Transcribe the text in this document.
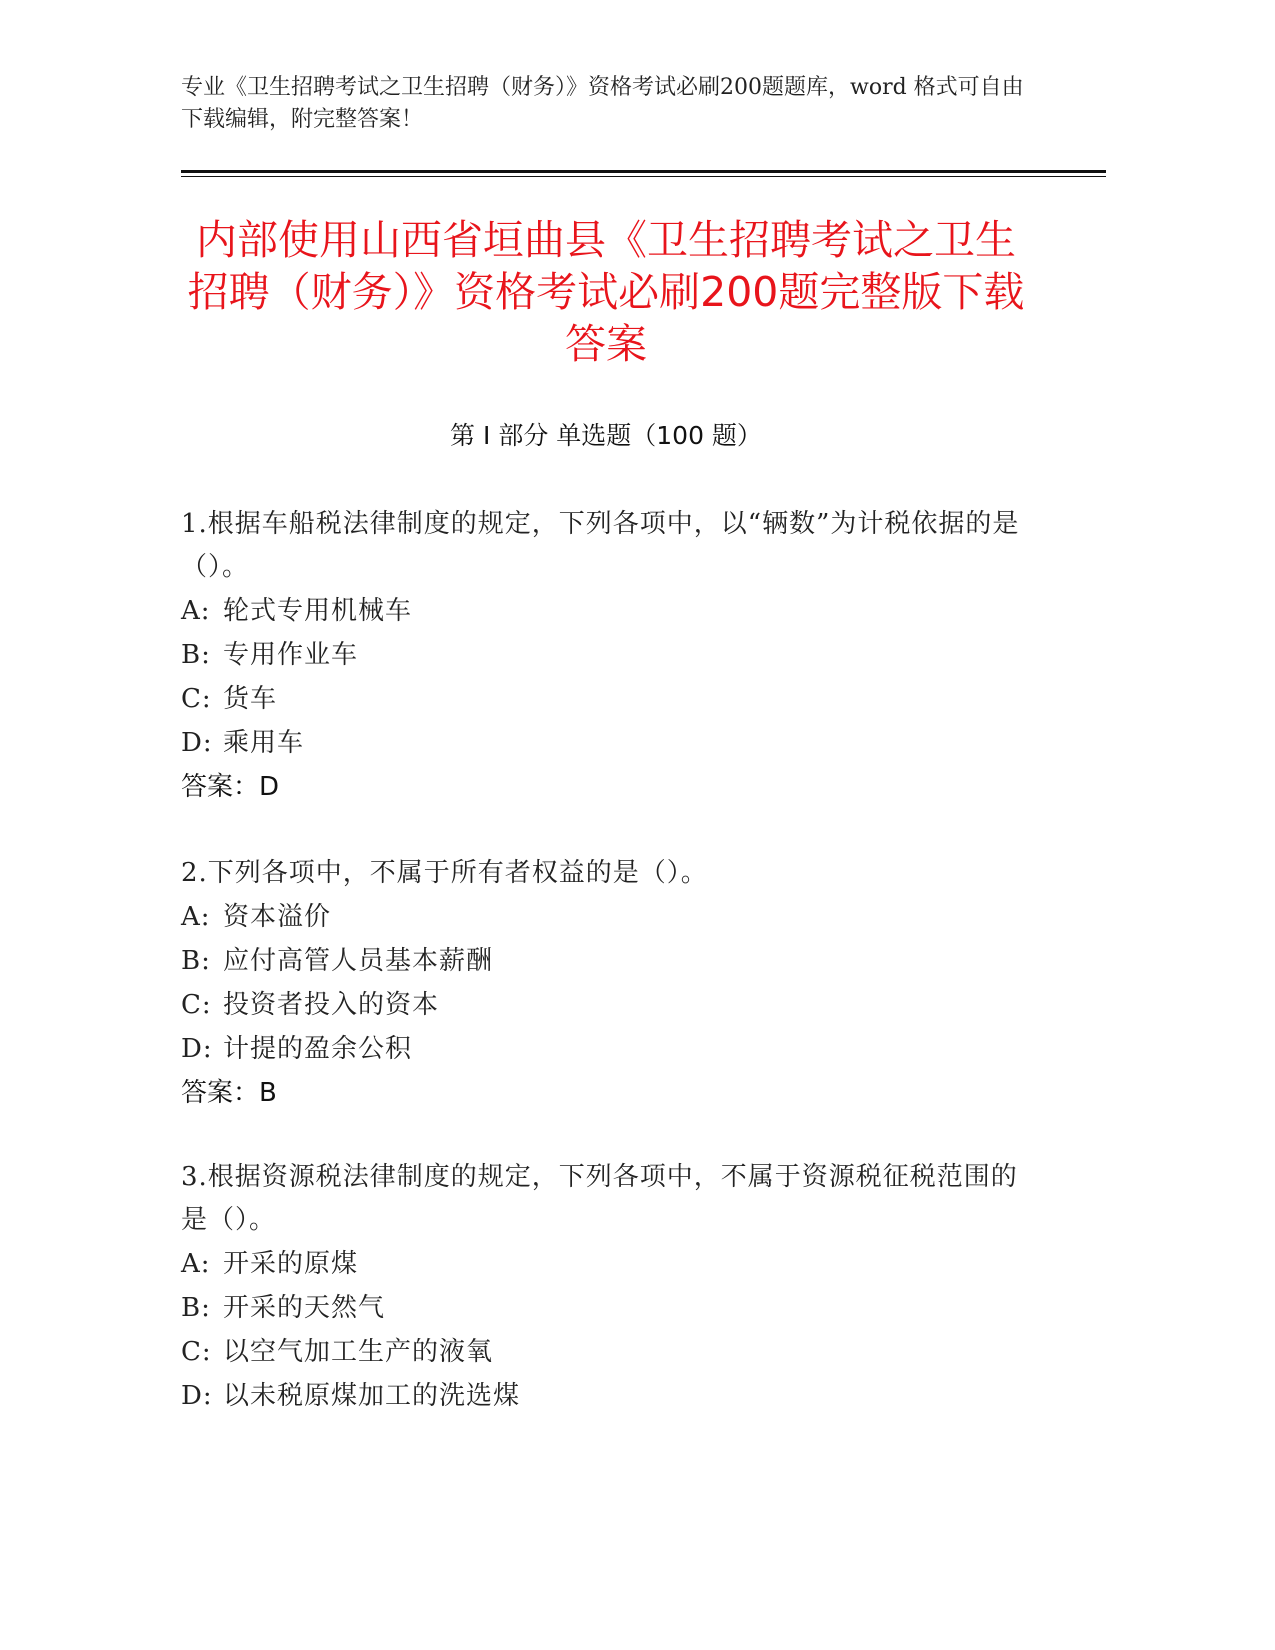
专业《卫生招聘考试之卫生招聘（财务）》资格考试必刷200题题库，word 格式可自由下载编辑，附完整答案！
内部使用山西省垣曲县《卫生招聘考试之卫生招聘（财务）》资格考试必刷200题完整版下载答案
第 I 部分 单选题（100 题）
1.根据车船税法律制度的规定，下列各项中，以“辆数”为计税依据的是（）。
A: 轮式专用机械车
B: 专用作业车
C: 货车
D: 乘用车
答案：D
2.下列各项中，不属于所有者权益的是（）。
A: 资本溢价
B: 应付高管人员基本薪酬
C: 投资者投入的资本
D: 计提的盈余公积
答案：B
3.根据资源税法律制度的规定，下列各项中，不属于资源税征税范围的是（）。
A: 开采的原煤
B: 开采的天然气
C: 以空气加工生产的液氧
D: 以未税原煤加工的洗选煤
